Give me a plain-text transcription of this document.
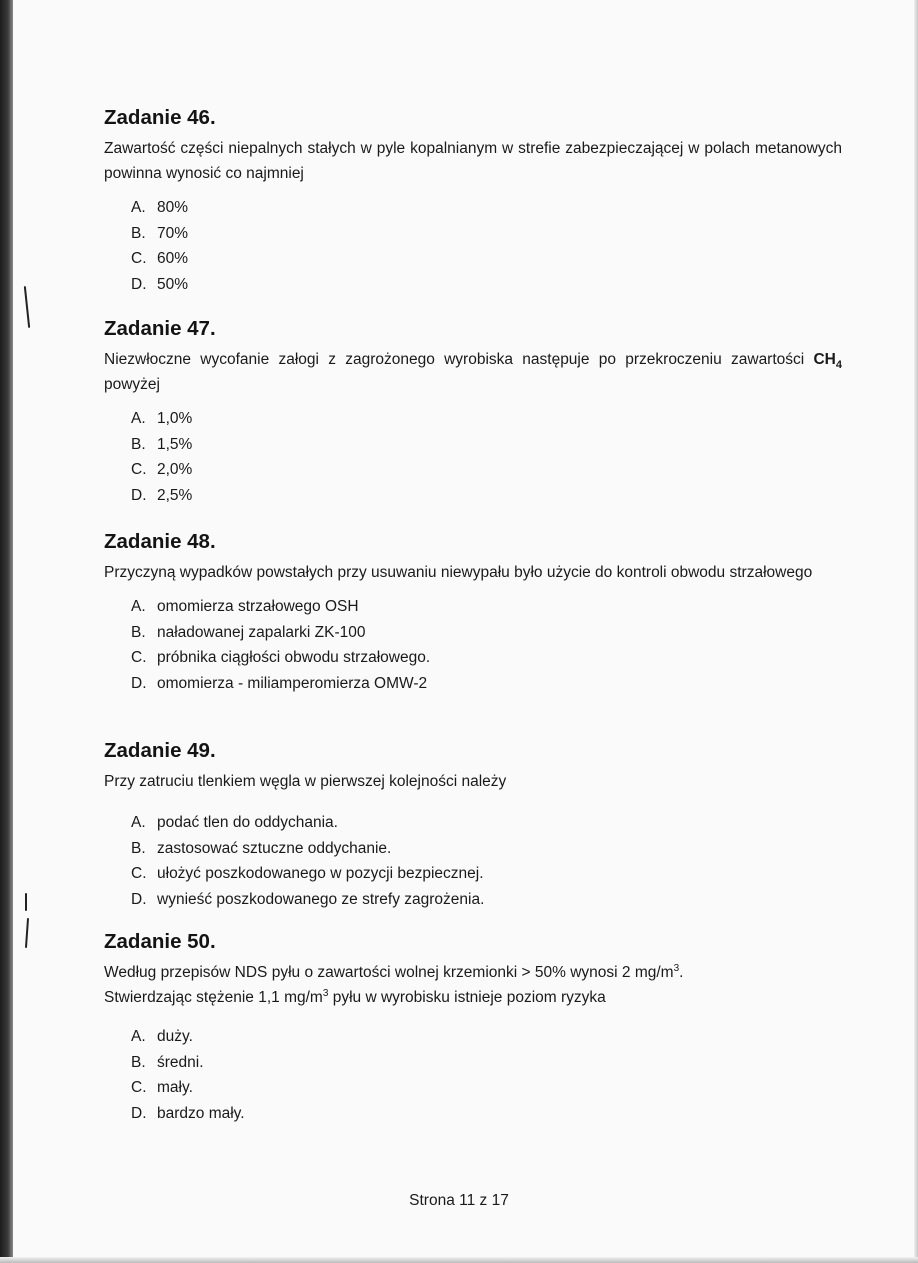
Zadanie 46.

Zawartość części niepalnych stałych w pyle kopalnianym w strefie zabezpieczającej w polach metanowych powinna wynosić co najmniej

A. 80%
B. 70%
C. 60%
D. 50%
Zadanie 47.

Niezwłoczne wycofanie załogi z zagrożonego wyrobiska następuje po przekroczeniu zawartości $CH_4$ powyżej

A. 1,0%
B. 1,5%
C. 2,0%
D. 2,5%
Zadanie 48.

Przyczyną wypadków powstałych przy usuwaniu niewypału było użycie do kontroli obwodu strzałowego

A. omomierza strzałowego OSH
B. naładowanej zapalarki ZK-100
C. próbnika ciągłości obwodu strzałowego.
D. omomierza - miliamperomierza OMW-2
Zadanie 49.

Przy zatruciu tlenkiem węgla w pierwszej kolejności należy

A. podać tlen do oddychania.
B. zastosować sztuczne oddychanie.
C. ułożyć poszkodowanego w pozycji bezpiecznej.
D. wynieść poszkodowanego ze strefy zagrożenia.
Zadanie 50.

Według przepisów NDS pyłu o zawartości wolnej krzemionki > 50% wynosi 2 $mg/m^3$.
Stwierdzając stężenie 1,1 $mg/m^3$ pyłu w wyrobisku istnieje poziom ryzyka

A. duży.
B. średni.
C. mały.
D. bardzo mały.
Strona 11 z 17
